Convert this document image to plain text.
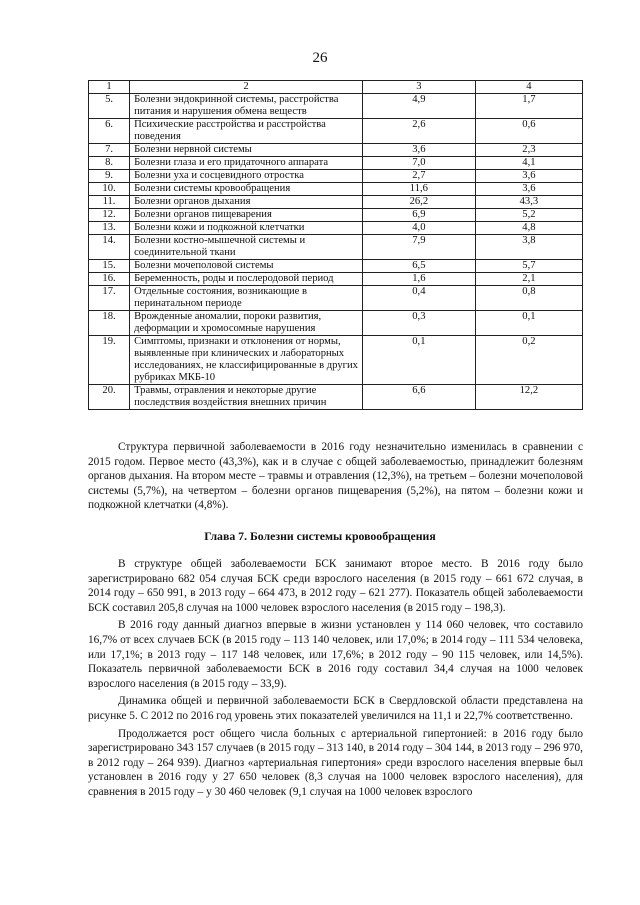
26
1	2	3	4
5.	Болезни эндокринной системы, расстройства питания и нарушения обмена веществ	4,9	1,7
6.	Психические расстройства и расстройства поведения	2,6	0,6
7.	Болезни нервной системы	3,6	2,3
8.	Болезни глаза и его придаточного аппарата	7,0	4,1
9.	Болезни уха и сосцевидного отростка	2,7	3,6
10.	Болезни системы кровообращения	11,6	3,6
11.	Болезни органов дыхания	26,2	43,3
12.	Болезни органов пищеварения	6,9	5,2
13.	Болезни кожи и подкожной клетчатки	4,0	4,8
14.	Болезни костно-мышечной системы и соединительной ткани	7,9	3,8
15.	Болезни мочеполовой системы	6,5	5,7
16.	Беременность, роды и послеродовой период	1,6	2,1
17.	Отдельные состояния, возникающие в перинатальном периоде	0,4	0,8
18.	Врожденные аномалии, пороки развития, деформации и хромосомные нарушения	0,3	0,1
19.	Симптомы, признаки и отклонения от нормы, выявленные при клинических и лабораторных исследованиях, не классифицированные в других рубриках МКБ-10	0,1	0,2
20.	Травмы, отравления и некоторые другие последствия воздействия внешних причин	6,6	12,2

Структура первичной заболеваемости в 2016 году незначительно изменилась в сравнении с 2015 годом. Первое место (43,3%), как и в случае с общей заболеваемостью, принадлежит болезням органов дыхания. На втором месте – травмы и отравления (12,3%), на третьем – болезни мочеполовой системы (5,7%), на четвертом – болезни органов пищеварения (5,2%), на пятом – болезни кожи и подкожной клетчатки (4,8%).

Глава 7. Болезни системы кровообращения

В структуре общей заболеваемости БСК занимают второе место. В 2016 году было зарегистрировано 682 054 случая БСК среди взрослого населения (в 2015 году – 661 672 случая, в 2014 году – 650 991, в 2013 году – 664 473, в 2012 году – 621 277). Показатель общей заболеваемости БСК составил 205,8 случая на 1000 человек взрослого населения (в 2015 году – 198,3).

В 2016 году данный диагноз впервые в жизни установлен у 114 060 человек, что составило 16,7% от всех случаев БСК (в 2015 году – 113 140 человек, или 17,0%; в 2014 году – 111 534 человека, или 17,1%; в 2013 году – 117 148 человек, или 17,6%; в 2012 году – 90 115 человек, или 14,5%). Показатель первичной заболеваемости БСК в 2016 году составил 34,4 случая на 1000 человек взрослого населения (в 2015 году – 33,9).

Динамика общей и первичной заболеваемости БСК в Свердловской области представлена на рисунке 5. С 2012 по 2016 год уровень этих показателей увеличился на 11,1 и 22,7% соответственно.

Продолжается рост общего числа больных с артериальной гипертонией: в 2016 году было зарегистрировано 343 157 случаев (в 2015 году – 313 140, в 2014 году – 304 144, в 2013 году – 296 970, в 2012 году – 264 939). Диагноз «артериальная гипертония» среди взрослого населения впервые был установлен в 2016 году у 27 650 человек (8,3 случая на 1000 человек взрослого населения), для сравнения в 2015 году – у 30 460 человек (9,1 случая на 1000 человек взрослого
